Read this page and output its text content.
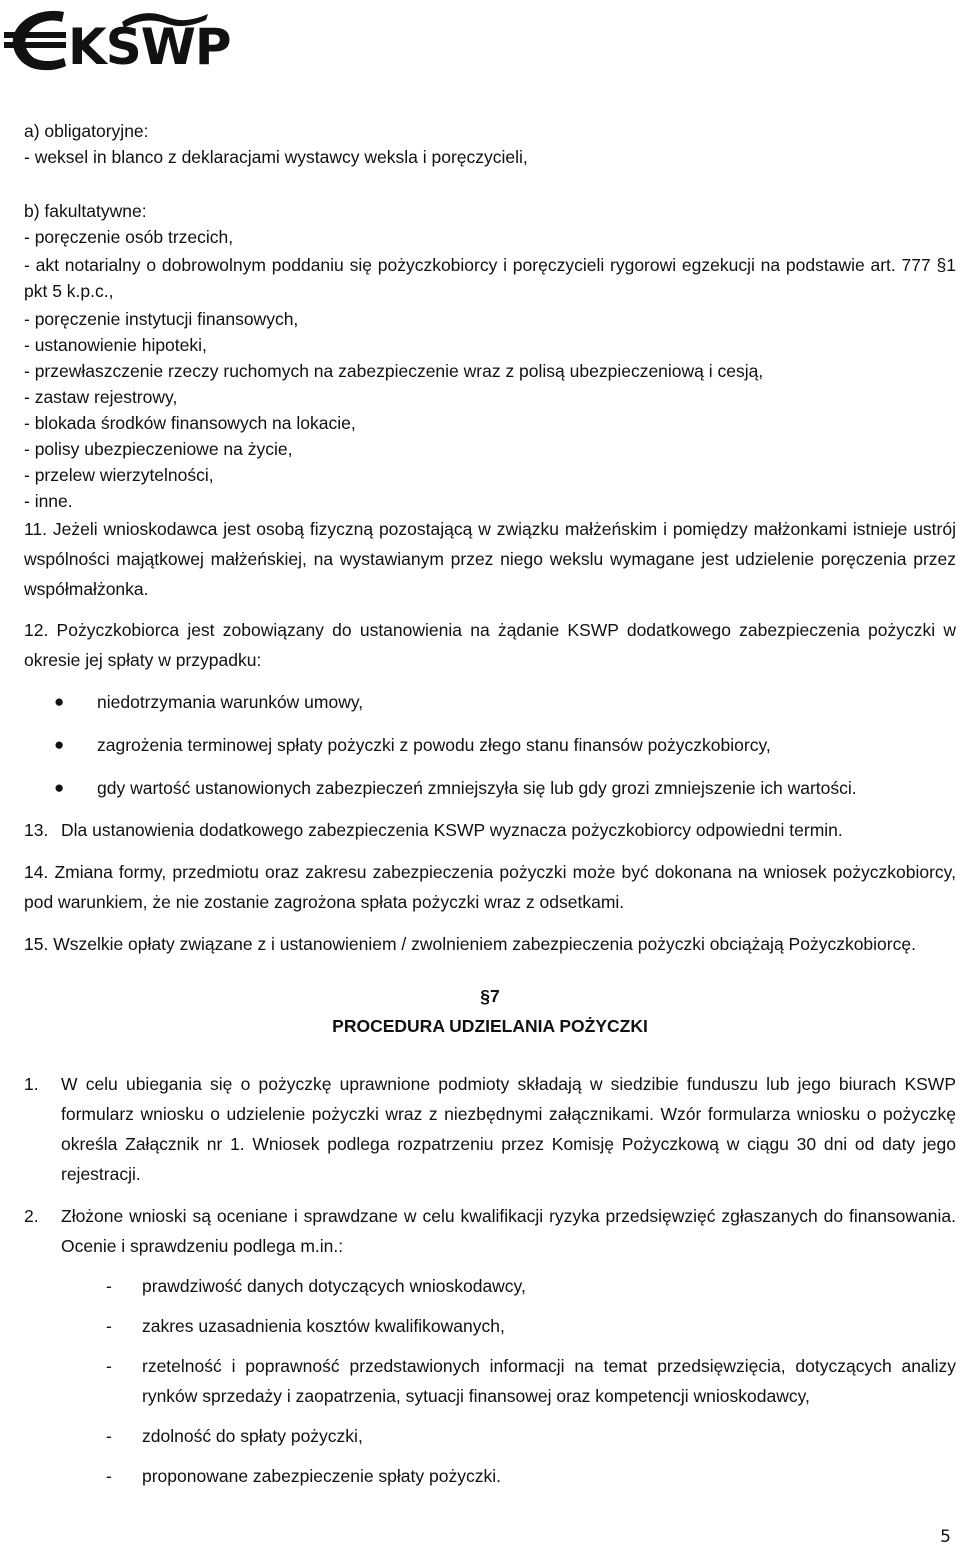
KSWP
a) obligatoryjne:
- weksel in blanco z deklaracjami wystawcy weksla i poręczycieli,
b) fakultatywne:
- poręczenie osób trzecich,
- akt notarialny o dobrowolnym poddaniu się pożyczkobiorcy i poręczycieli rygorowi egzekucji na podstawie art. 777 §1 pkt 5 k.p.c.,
- poręczenie instytucji finansowych,
- ustanowienie hipoteki,
- przewłaszczenie rzeczy ruchomych na zabezpieczenie wraz z polisą ubezpieczeniową i cesją,
- zastaw rejestrowy,
- blokada środków finansowych na lokacie,
- polisy ubezpieczeniowe na życie,
- przelew wierzytelności,
- inne.
11. Jeżeli wnioskodawca jest osobą fizyczną pozostającą w związku małżeńskim i pomiędzy małżonkami istnieje ustrój wspólności majątkowej małżeńskiej, na wystawianym przez niego wekslu wymagane jest udzielenie poręczenia przez współmałżonka.
12. Pożyczkobiorca jest zobowiązany do ustanowienia na żądanie KSWP dodatkowego zabezpieczenia pożyczki w okresie jej spłaty w przypadku:
●	niedotrzymania warunków umowy,
●	zagrożenia terminowej spłaty pożyczki z powodu złego stanu finansów pożyczkobiorcy,
●	gdy wartość ustanowionych zabezpieczeń zmniejszyła się lub gdy grozi zmniejszenie ich wartości.
13. Dla ustanowienia dodatkowego zabezpieczenia KSWP wyznacza pożyczkobiorcy odpowiedni termin.
14. Zmiana formy, przedmiotu oraz zakresu zabezpieczenia pożyczki może być dokonana na wniosek pożyczkobiorcy, pod warunkiem, że nie zostanie zagrożona spłata pożyczki wraz z odsetkami.
15. Wszelkie opłaty związane z i ustanowieniem / zwolnieniem zabezpieczenia pożyczki obciążają Pożyczkobiorcę.
§7
PROCEDURA UDZIELANIA POŻYCZKI
1.	W celu ubiegania się o pożyczkę uprawnione podmioty składają w siedzibie funduszu lub jego biurach KSWP formularz wniosku o udzielenie pożyczki wraz z niezbędnymi załącznikami. Wzór formularza wniosku o pożyczkę określa Załącznik nr 1. Wniosek podlega rozpatrzeniu przez Komisję Pożyczkową w ciągu 30 dni od daty jego rejestracji.
2.	Złożone wnioski są oceniane i sprawdzane w celu kwalifikacji ryzyka przedsięwzięć zgłaszanych do finansowania. Ocenie i sprawdzeniu podlega m.in.:
-	prawdziwość danych dotyczących wnioskodawcy,
-	zakres uzasadnienia kosztów kwalifikowanych,
-	rzetelność i poprawność przedstawionych informacji na temat przedsięwzięcia, dotyczących analizy rynków sprzedaży i zaopatrzenia, sytuacji finansowej oraz kompetencji wnioskodawcy,
-	zdolność do spłaty pożyczki,
-	proponowane zabezpieczenie spłaty pożyczki.
5
